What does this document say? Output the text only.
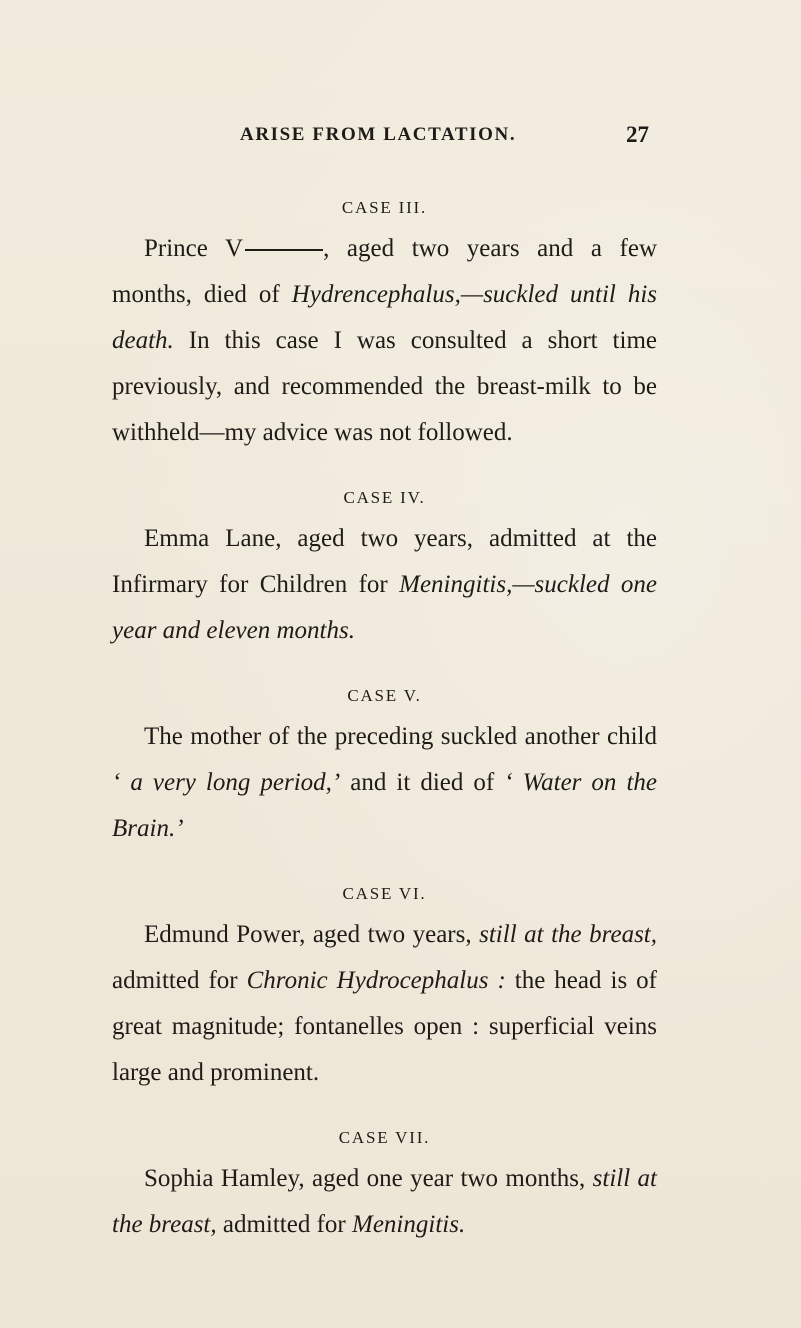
ARISE FROM LACTATION.	27
CASE III.

Prince V	, aged two years and a few months, died of Hydrencephalus,—suckled until his death. In this case I was consulted a short time previously, and recommended the breast-milk to be withheld—my advice was not followed.

CASE IV.

Emma Lane, aged two years, admitted at the Infirmary for Children for Meningitis,—suckled one year and eleven months.

CASE V.

The mother of the preceding suckled another child ‘ a very long period,’ and it died of ‘ Water on the Brain.’

CASE VI.

Edmund Power, aged two years, still at the breast, admitted for Chronic Hydrocephalus : the head is of great magnitude; fontanelles open : superficial veins large and prominent.

CASE VII.

Sophia Hamley, aged one year two months, still at the breast, admitted for Meningitis.
